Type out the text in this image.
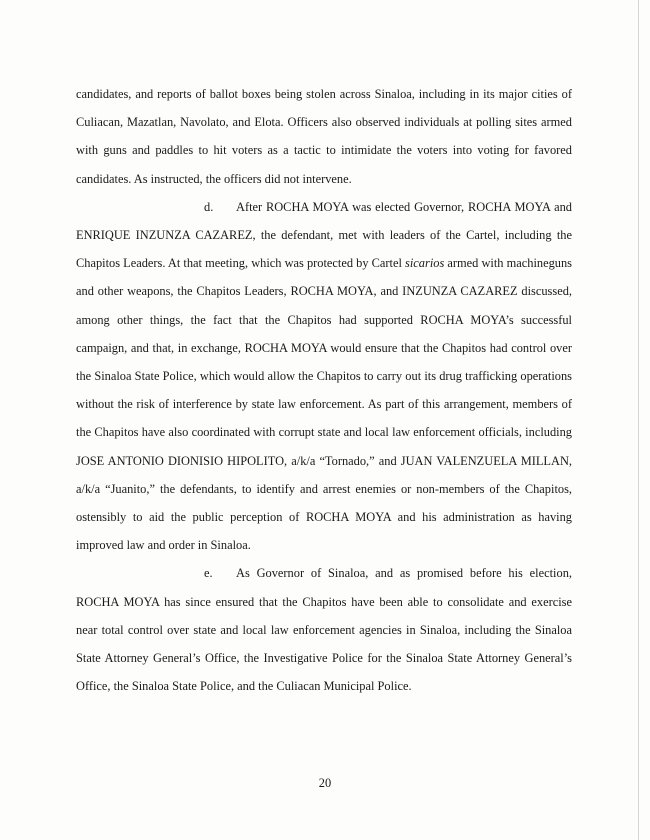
candidates, and reports of ballot boxes being stolen across Sinaloa, including in its major cities of Culiacan, Mazatlan, Navolato, and Elota. Officers also observed individuals at polling sites armed with guns and paddles to hit voters as a tactic to intimidate the voters into voting for favored candidates. As instructed, the officers did not intervene.

d. After ROCHA MOYA was elected Governor, ROCHA MOYA and ENRIQUE INZUNZA CAZAREZ, the defendant, met with leaders of the Cartel, including the Chapitos Leaders. At that meeting, which was protected by Cartel sicarios armed with machineguns and other weapons, the Chapitos Leaders, ROCHA MOYA, and INZUNZA CAZAREZ discussed, among other things, the fact that the Chapitos had supported ROCHA MOYA’s successful campaign, and that, in exchange, ROCHA MOYA would ensure that the Chapitos had control over the Sinaloa State Police, which would allow the Chapitos to carry out its drug trafficking operations without the risk of interference by state law enforcement. As part of this arrangement, members of the Chapitos have also coordinated with corrupt state and local law enforcement officials, including JOSE ANTONIO DIONISIO HIPOLITO, a/k/a “Tornado,” and JUAN VALENZUELA MILLAN, a/k/a “Juanito,” the defendants, to identify and arrest enemies or non-members of the Chapitos, ostensibly to aid the public perception of ROCHA MOYA and his administration as having improved law and order in Sinaloa.

e. As Governor of Sinaloa, and as promised before his election, ROCHA MOYA has since ensured that the Chapitos have been able to consolidate and exercise near total control over state and local law enforcement agencies in Sinaloa, including the Sinaloa State Attorney General’s Office, the Investigative Police for the Sinaloa State Attorney General’s Office, the Sinaloa State Police, and the Culiacan Municipal Police.

20
